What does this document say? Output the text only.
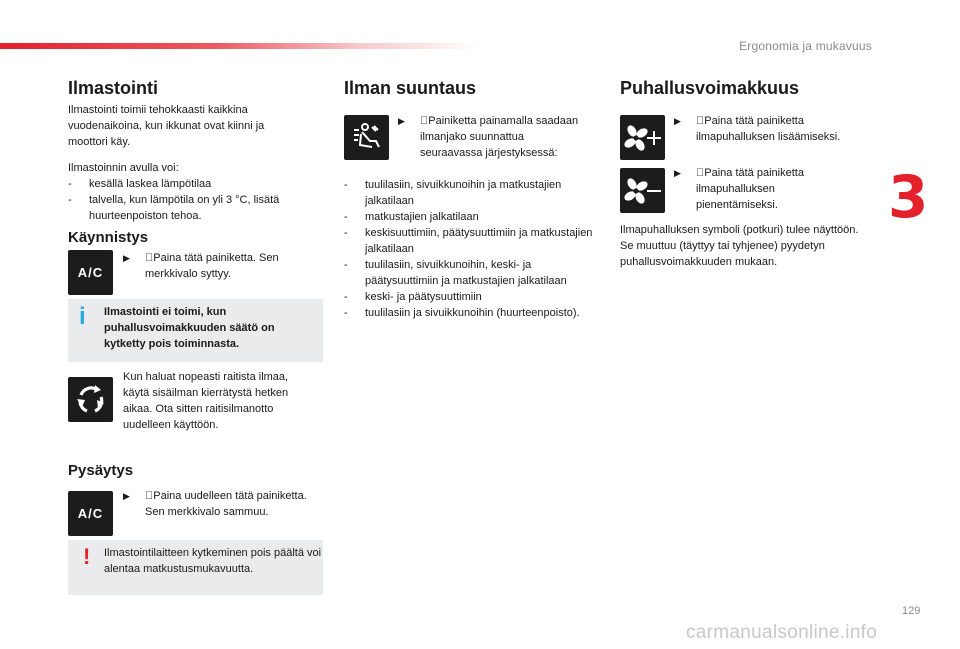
Ergonomia ja mukavuus
3
129
carmanualsonline.info
Ilmastointi
Ilmastointi toimii tehokkaasti kaikkina vuodenaikoina, kun ikkunat ovat kiinni ja moottori käy.

Ilmastoinnin avulla voi:

- kesällä laskea lämpötilaa

- talvella, kun lämpötila on yli 3 °C, lisätä huurteenpoiston tehoa.

Käynnistys
A/C

▶ Paina tätä painiketta. Sen merkkivalo syttyy.

i Ilmastointi ei toimi, kun puhallusvoimakkuuden säätö on kytketty pois toiminnasta.
Kun haluat nopeasti raitista ilmaa, käytä sisäilman kierrätystä hetken aikaa. Ota sitten raitisilmanotto uudelleen käyttöön.
Pysäytys
A/C

▶ Paina uudelleen tätä painiketta. Sen merkkivalo sammuu.

! Ilmastointilaitteen kytkeminen pois päältä voi alentaa matkustusmukavuutta.
Ilman suuntaus

▶ Painiketta painamalla saadaan ilmanjako suunnattua seuraavassa järjestyksessä:

- tuulilasiin, sivuikkunoihin ja matkustajien jalkatilaan

- matkustajien jalkatilaan

- keskisuuttimiin, päätysuuttimiin ja matkustajien jalkatilaan

- tuulilasiin, sivuikkunoihin, keski- ja päätysuuttimiin ja matkustajien jalkatilaan

- keski- ja päätysuuttimiin

- tuulilasiin ja sivuikkunoihin (huurteenpoisto).

Puhallusvoimakkuus

▶ Paina tätä painiketta ilmapuhalluksen lisäämiseksi.

▶ Paina tätä painiketta ilmapuhalluksen pienentämiseksi.

Ilmapuhalluksen symboli (potkuri) tulee näyttöön. Se muuttuu (täyttyy tai tyhjenee) pyydetyn puhallusvoimakkuuden mukaan.
